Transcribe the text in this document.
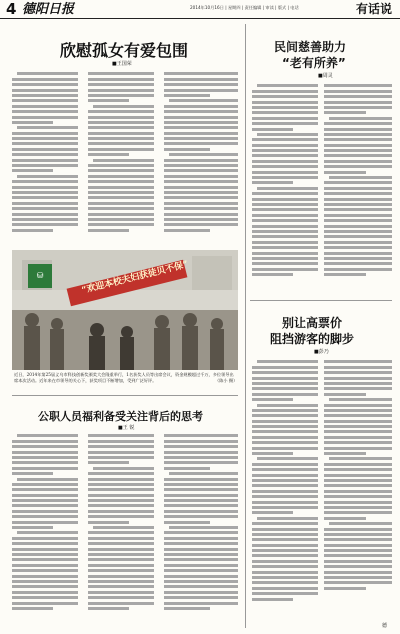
4 德阳日报	2014年10月16日 | 星期四 | 责任编辑 | 审读 | 版式 | 电话	有话说
欣慰孤女有爱包围
■王国荣
“欢迎本校夫妇获徒贝不保”
⛁
近日，2014年第25届义乌市科技创新奖颁奖大会隆重举行，1名获奖人员等出席会议，资金规模超过千万，多位领导出席本次活动。近年来在市领导的关心下，获奖项目不断增加，受到广泛好评。	（陈小 摄）
公职人员福利备受关注背后的思考
■王 锐
民间慈善助力
“老有所养”
■周灵
别让高票价
阻挡游客的脚步
■彭乃
德
